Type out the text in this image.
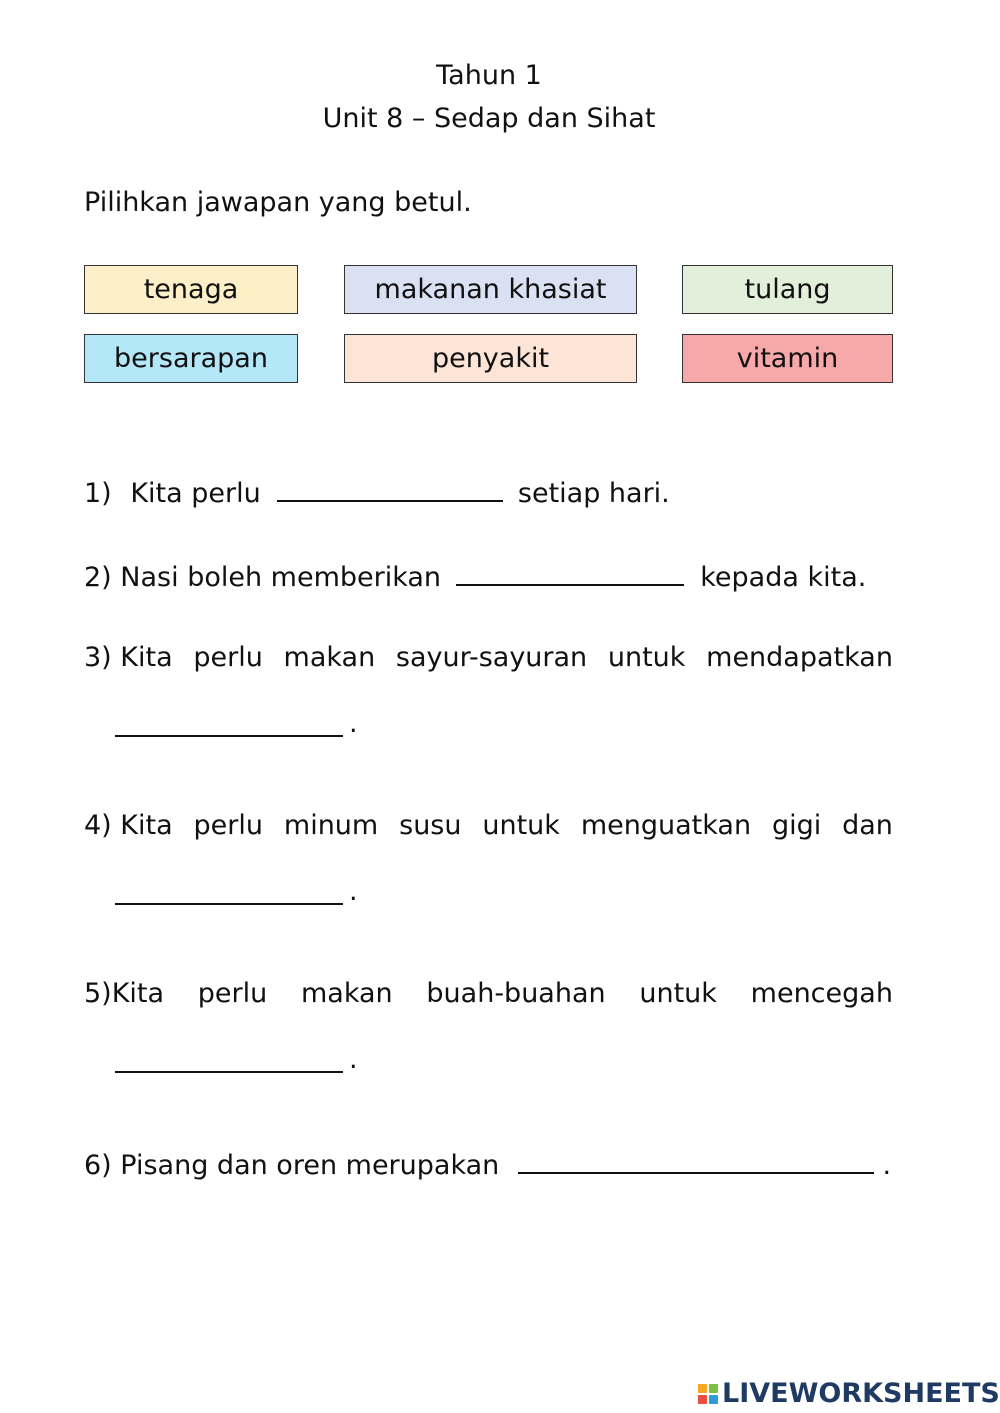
Tahun 1
Unit 8 – Sedap dan Sihat
Pilihkan jawapan yang betul.
tenaga	makanan khasiat	tulang
bersarapan	penyakit	vitamin
1) Kita perlu	setiap hari.
2) Nasi boleh memberikan	kepada kita.
3) Kita perlu makan sayur-sayuran untuk mendapatkan
.
4) Kita perlu minum susu untuk menguatkan gigi dan
.
5)Kita perlu makan buah-buahan untuk mencegah
.
6) Pisang dan oren merupakan	.
LIVEWORKSHEETS
